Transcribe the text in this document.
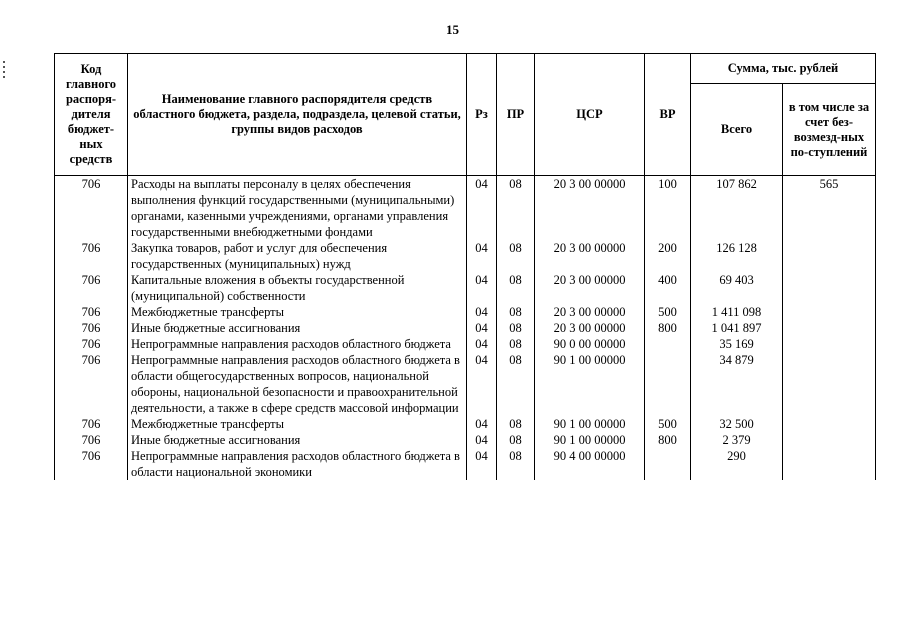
15
Код главного распоря-дителя бюджет-ных средств	Наименование главного распорядителя средств областного бюджета, раздела, подраздела, целевой статьи, группы видов расходов	Рз	ПР	ЦСР	ВР	Сумма, тыс. рублей	
						Всего	в том числе за счет без-возмезд-ных по-ступлений
706	Расходы на выплаты персоналу в целях обеспечения выполнения функций государственными (муниципальными) органами, казенными учреждениями, органами управления государственными внебюджетными фондами	04	08	20 3 00 00000	100	107 862	565
706	Закупка товаров, работ и услуг для обеспечения государственных (муниципальных) нужд	04	08	20 3 00 00000	200	126 128	
706	Капитальные вложения в объекты государственной (муниципальной) собственности	04	08	20 3 00 00000	400	69 403	
706	Межбюджетные трансферты	04	08	20 3 00 00000	500	1 411 098	
706	Иные бюджетные ассигнования	04	08	20 3 00 00000	800	1 041 897	
706	Непрограммные направления расходов областного бюджета	04	08	90 0 00 00000		35 169	
706	Непрограммные направления расходов областного бюджета в области общегосударственных вопросов, национальной обороны, национальной безопасности и правоохранительной деятельности, а также в сфере средств массовой информации	04	08	90 1 00 00000		34 879	
706	Межбюджетные трансферты	04	08	90 1 00 00000	500	32 500	
706	Иные бюджетные ассигнования	04	08	90 1 00 00000	800	2 379	
706	Непрограммные направления расходов областного бюджета в области национальной экономики	04	08	90 4 00 00000		290	
